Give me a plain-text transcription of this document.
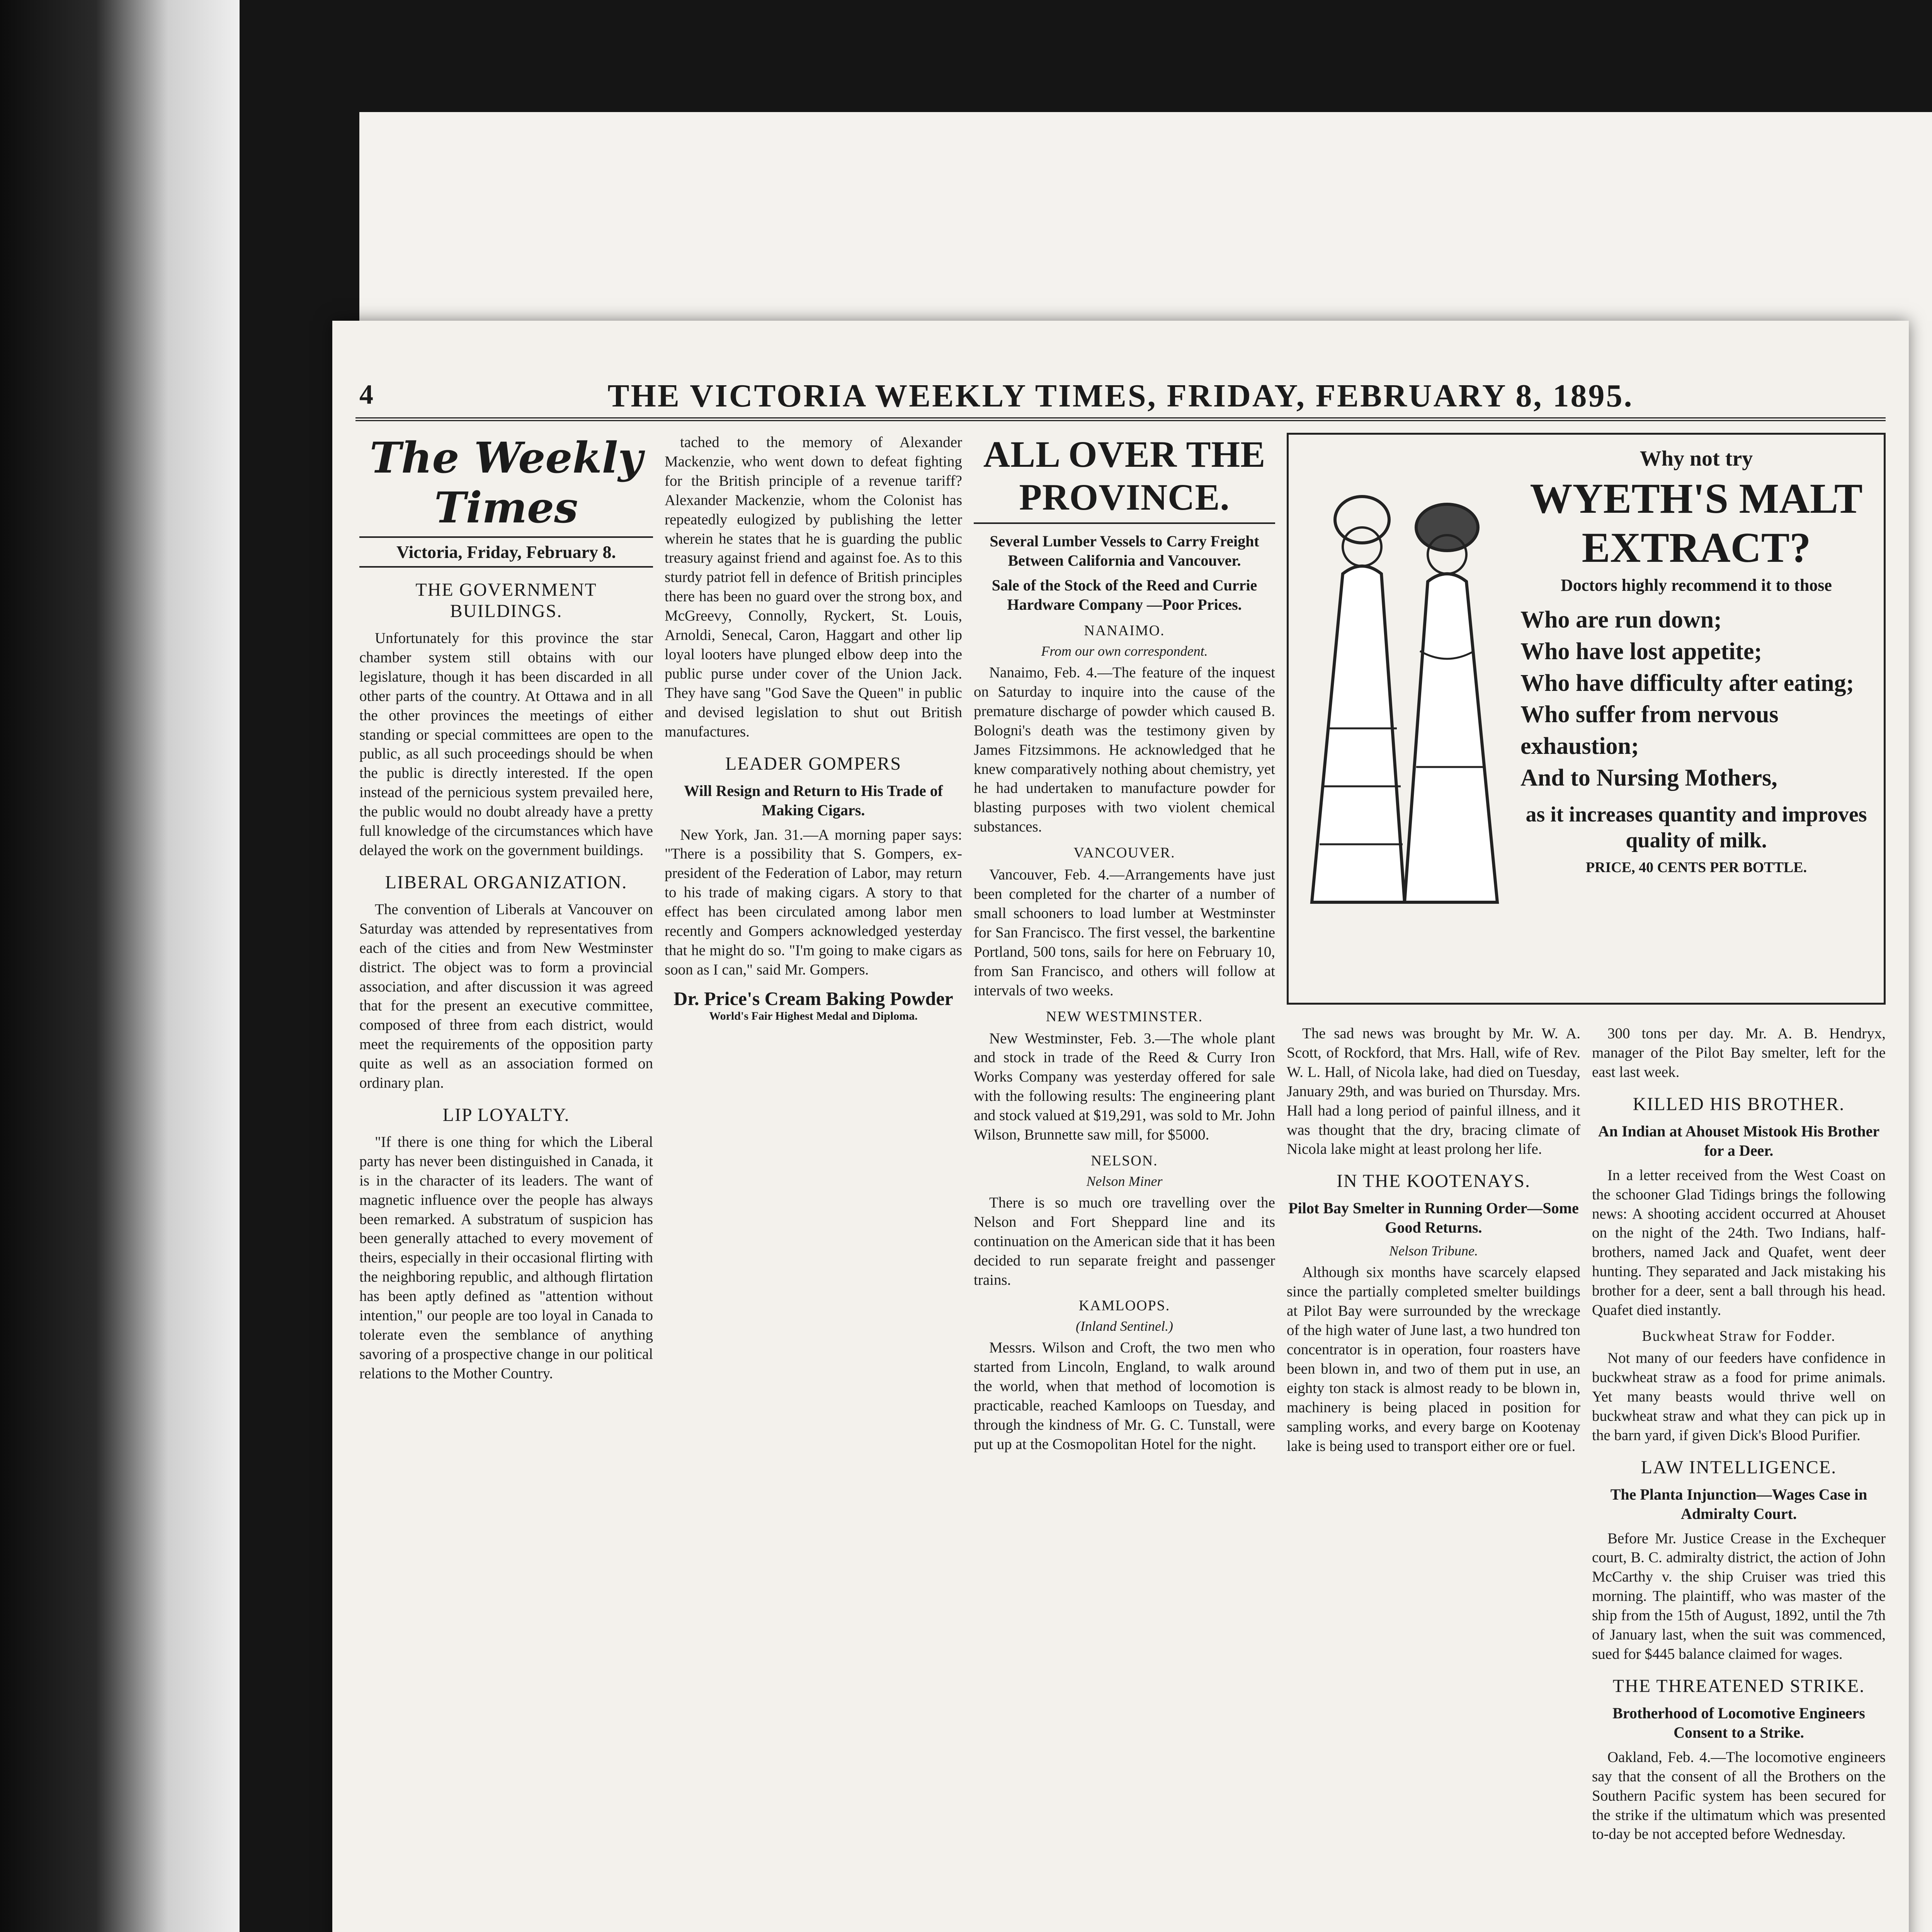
4	THE VICTORIA WEEKLY TIMES, FRIDAY, FEBRUARY 8, 1895.
The Weekly Times
Victoria, Friday, February 8.
THE GOVERNMENT BUILDINGS.

Unfortunately for this province the star chamber system still obtains with our legislature, though it has been discarded in all other parts of the country. At Ottawa and in all the other provinces the meetings of either standing or special committees are open to the public, as all such proceedings should be when the public is directly interested. If the open instead of the pernicious system prevailed here, the public would no doubt already have a pretty full knowledge of the circumstances which have delayed the work on the government buildings.

LIBERAL ORGANIZATION.

The convention of Liberals at Vancouver on Saturday was attended by representatives from each of the cities and from New Westminster district. The object was to form a provincial association, and after discussion it was agreed that for the present an executive committee, composed of three from each district, would meet the requirements of the opposition party quite as well as an association formed on ordinary plan.

LIP LOYALTY.

"If there is one thing for which the Liberal party has never been distinguished in Canada, it is in the character of its leaders. The want of magnetic influence over the people has always been remarked. A substratum of suspicion has been generally attached to every movement of theirs, especially in their occasional flirting with the neighboring republic, and although flirtation has been aptly defined as "attention without intention," our people are too loyal in Canada to tolerate even the semblance of anything savoring of a prospective change in our political relations to the Mother Country.

tached to the memory of Alexander Mackenzie, who went down to defeat fighting for the British principle of a revenue tariff? Alexander Mackenzie, whom the Colonist has repeatedly eulogized by publishing the letter wherein he states that he is guarding the public treasury against friend and against foe. As to this sturdy patriot fell in defence of British principles there has been no guard over the strong box, and McGreevy, Connolly, Ryckert, St. Louis, Arnoldi, Senecal, Caron, Haggart and other lip loyal looters have plunged elbow deep into the public purse under cover of the Union Jack. They have sang "God Save the Queen" in public and devised legislation to shut out British manufactures.

LEADER GOMPERS
Will Resign and Return to His Trade of Making Cigars.

New York, Jan. 31.—A morning paper says: "There is a possibility that S. Gompers, ex-president of the Federation of Labor, may return to his trade of making cigars. A story to that effect has been circulated among labor men recently and Gompers acknowledged yesterday that he might do so. "I'm going to make cigars as soon as I can," said Mr. Gompers.

Dr. Price's Cream Baking Powder
World's Fair Highest Medal and Diploma.
ALL OVER THE PROVINCE.
Several Lumber Vessels to Carry Freight Between California and Vancouver.
Sale of the Stock of the Reed and Currie Hardware Company —Poor Prices.
NANAIMO.
From our own correspondent.

Nanaimo, Feb. 4.—The feature of the inquest on Saturday to inquire into the cause of the premature discharge of powder which caused B. Bologni's death was the testimony given by James Fitzsimmons. He acknowledged that he knew comparatively nothing about chemistry, yet he had undertaken to manufacture powder for blasting purposes with two violent chemical substances.

VANCOUVER.

Vancouver, Feb. 4.—Arrangements have just been completed for the charter of a number of small schooners to load lumber at Westminster for San Francisco. The first vessel, the barkentine Portland, 500 tons, sails for here on February 10, from San Francisco, and others will follow at intervals of two weeks.

NEW WESTMINSTER.

New Westminster, Feb. 3.—The whole plant and stock in trade of the Reed & Curry Iron Works Company was yesterday offered for sale with the following results: The engineering plant and stock valued at $19,291, was sold to Mr. John Wilson, Brunnette saw mill, for $5000.

NELSON.
Nelson Miner

There is so much ore travelling over the Nelson and Fort Sheppard line and its continuation on the American side that it has been decided to run separate freight and passenger trains.

KAMLOOPS.
(Inland Sentinel.)

Messrs. Wilson and Croft, the two men who started from Lincoln, England, to walk around the world, when that method of locomotion is practicable, reached Kamloops on Tuesday, and through the kindness of Mr. G. C. Tunstall, were put up at the Cosmopolitan Hotel for the night.

Why not try
WYETH'S MALT EXTRACT?
Doctors highly recommend it to those
Who are run down;
Who have lost appetite;
Who have difficulty after eating;
Who suffer from nervous exhaustion;
And to Nursing Mothers,
as it increases quantity and improves quality of milk.
PRICE, 40 CENTS PER BOTTLE.

The sad news was brought by Mr. W. A. Scott, of Rockford, that Mrs. Hall, wife of Rev. W. L. Hall, of Nicola lake, had died on Tuesday, January 29th, and was buried on Thursday. Mrs. Hall had a long period of painful illness, and it was thought that the dry, bracing climate of Nicola lake might at least prolong her life.

IN THE KOOTENAYS.
Pilot Bay Smelter in Running Order—Some Good Returns.
Nelson Tribune.

Although six months have scarcely elapsed since the partially completed smelter buildings at Pilot Bay were surrounded by the wreckage of the high water of June last, a two hundred ton concentrator is in operation, four roasters have been blown in, and two of them put in use, an eighty ton stack is almost ready to be blown in, machinery is being placed in position for sampling works, and every barge on Kootenay lake is being used to transport either ore or fuel.

300 tons per day. Mr. A. B. Hendryx, manager of the Pilot Bay smelter, left for the east last week.

KILLED HIS BROTHER.
An Indian at Ahouset Mistook His Brother for a Deer.

In a letter received from the West Coast on the schooner Glad Tidings brings the following news: A shooting accident occurred at Ahouset on the night of the 24th. Two Indians, half-brothers, named Jack and Quafet, went deer hunting. They separated and Jack mistaking his brother for a deer, sent a ball through his head. Quafet died instantly.

Buckwheat Straw for Fodder.

Not many of our feeders have confidence in buckwheat straw as a food for prime animals. Yet many beasts would thrive well on buckwheat straw and what they can pick up in the barn yard, if given Dick's Blood Purifier.

LAW INTELLIGENCE.
The Planta Injunction—Wages Case in Admiralty Court.

Before Mr. Justice Crease in the Exchequer court, B. C. admiralty district, the action of John McCarthy v. the ship Cruiser was tried this morning. The plaintiff, who was master of the ship from the 15th of August, 1892, until the 7th of January last, when the suit was commenced, sued for $445 balance claimed for wages.

THE THREATENED STRIKE.
Brotherhood of Locomotive Engineers Consent to a Strike.

Oakland, Feb. 4.—The locomotive engineers say that the consent of all the Brothers on the Southern Pacific system has been secured for the strike if the ultimatum which was presented to-day be not accepted before Wednesday.
